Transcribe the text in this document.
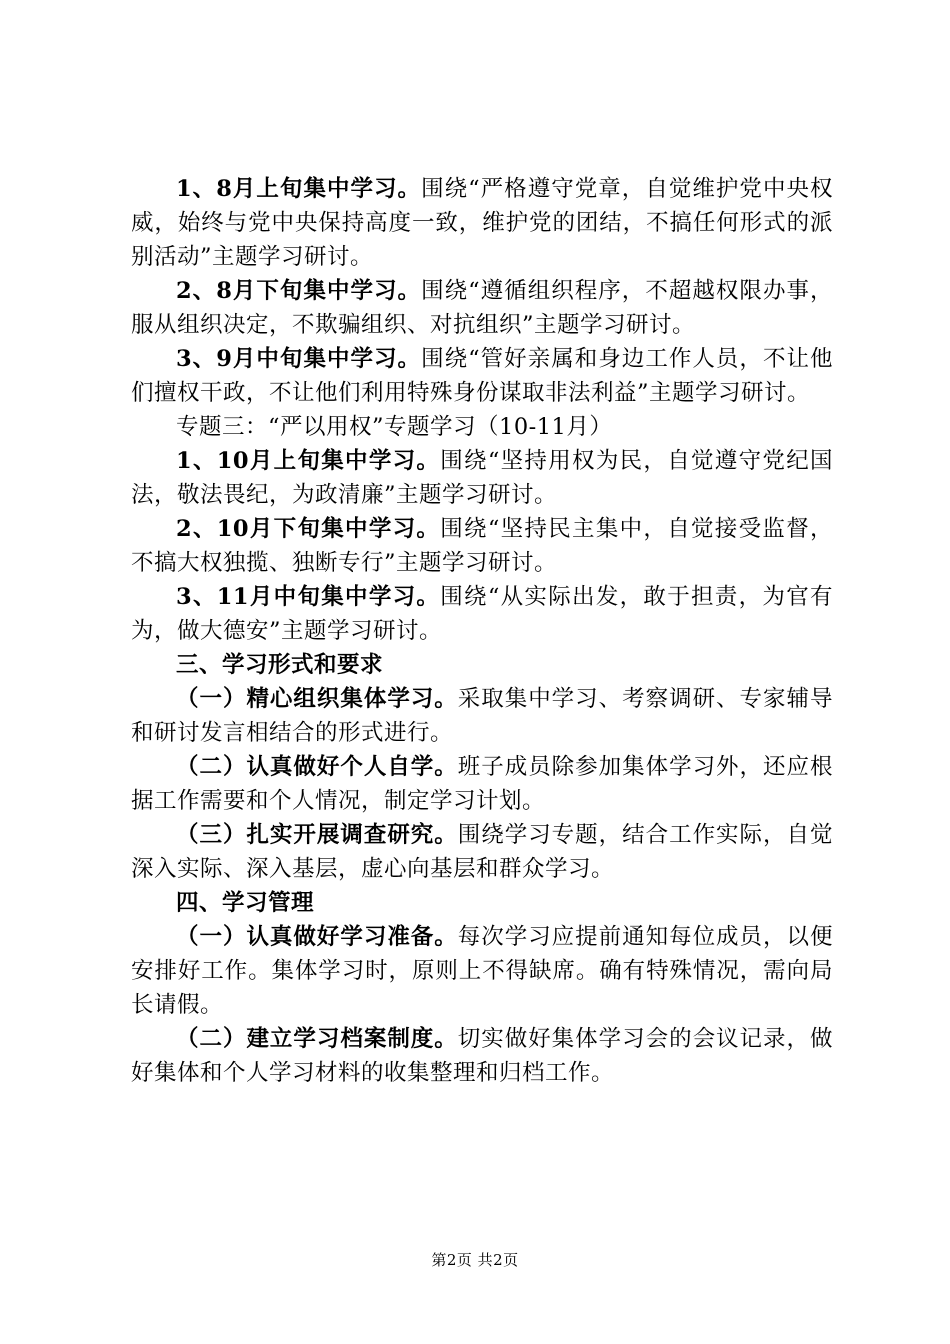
1、8月上旬集中学习。围绕“严格遵守党章，自觉维护党中央权威，始终与党中央保持高度一致，维护党的团结，不搞任何形式的派别活动”主题学习研讨。

2、8月下旬集中学习。围绕“遵循组织程序，不超越权限办事，服从组织决定，不欺骗组织、对抗组织”主题学习研讨。

3、9月中旬集中学习。围绕“管好亲属和身边工作人员，不让他们擅权干政，不让他们利用特殊身份谋取非法利益”主题学习研讨。

专题三：“严以用权”专题学习（10-11月）

1、10月上旬集中学习。围绕“坚持用权为民，自觉遵守党纪国法，敬法畏纪，为政清廉”主题学习研讨。

2、10月下旬集中学习。围绕“坚持民主集中，自觉接受监督，不搞大权独揽、独断专行”主题学习研讨。

3、11月中旬集中学习。围绕“从实际出发，敢于担责，为官有为，做大德安”主题学习研讨。

三、学习形式和要求

（一）精心组织集体学习。采取集中学习、考察调研、专家辅导和研讨发言相结合的形式进行。

（二）认真做好个人自学。班子成员除参加集体学习外，还应根据工作需要和个人情况，制定学习计划。

（三）扎实开展调查研究。围绕学习专题，结合工作实际，自觉深入实际、深入基层，虚心向基层和群众学习。

四、学习管理

（一）认真做好学习准备。每次学习应提前通知每位成员，以便安排好工作。集体学习时，原则上不得缺席。确有特殊情况，需向局长请假。

（二）建立学习档案制度。切实做好集体学习会的会议记录，做好集体和个人学习材料的收集整理和归档工作。

第2页 共2页
